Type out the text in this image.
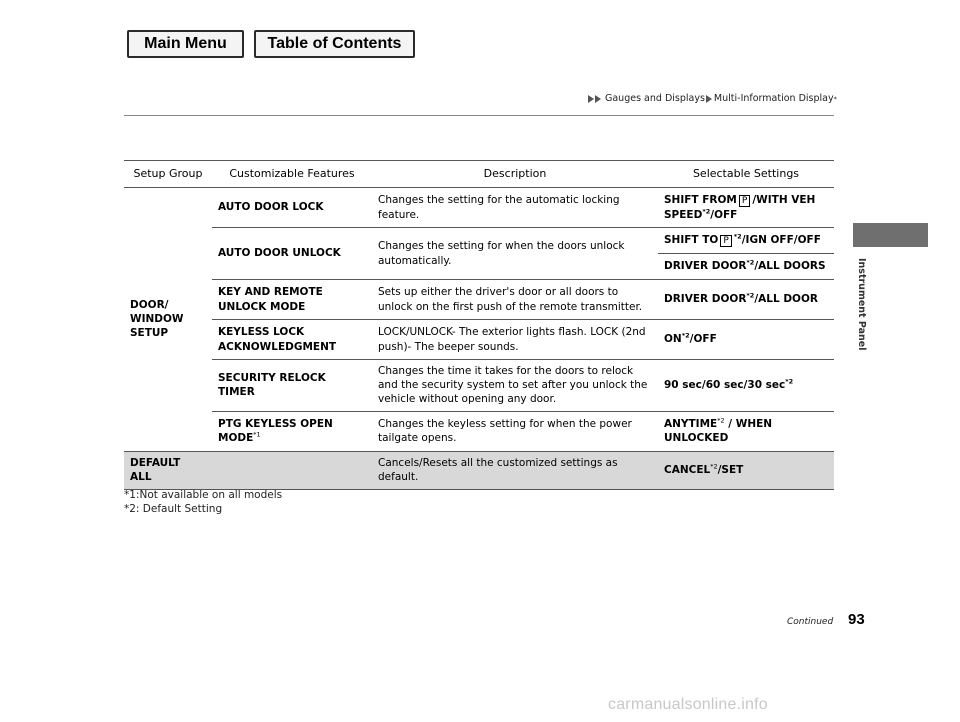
Main Menu	Table of Contents
Gauges and Displays Multi-Information Display *
Instrument Panel
Setup Group	Customizable Features	Description	Selectable Settings

DOOR/
WINDOW
SETUP	AUTO DOOR LOCK	Changes the setting for the automatic locking feature.	SHIFT FROM P /WITH VEH SPEED$^{*2}$/OFF
	AUTO DOOR UNLOCK	Changes the setting for when the doors unlock automatically.	SHIFT TO P $^{*2}$/IGN OFF/OFF
			DRIVER DOOR$^{*2}$/ALL DOORS
	KEY AND REMOTE UNLOCK MODE	Sets up either the driver's door or all doors to unlock on the first push of the remote transmitter.	DRIVER DOOR$^{*2}$/ALL DOOR
	KEYLESS LOCK ACKNOWLEDGMENT	LOCK/UNLOCK- The exterior lights flash. LOCK (2nd push)- The beeper sounds.	ON$^{*2}$/OFF
	SECURITY RELOCK TIMER	Changes the time it takes for the doors to relock and the security system to set after you unlock the vehicle without opening any door.	90 sec/60 sec/30 $\sec^{*2}$
	PTG KEYLESS OPEN MODE$^{*1}$	Changes the keyless setting for when the power tailgate opens.	ANYTIME$^{*2}$ / WHEN UNLOCKED

DEFAULT
ALL		Cancels/Resets all the customized settings as default.	CANCEL$^{*2}$/SET
*1:Not available on all models
*2: Default Setting
Continued 93
carmanualsonline.info
